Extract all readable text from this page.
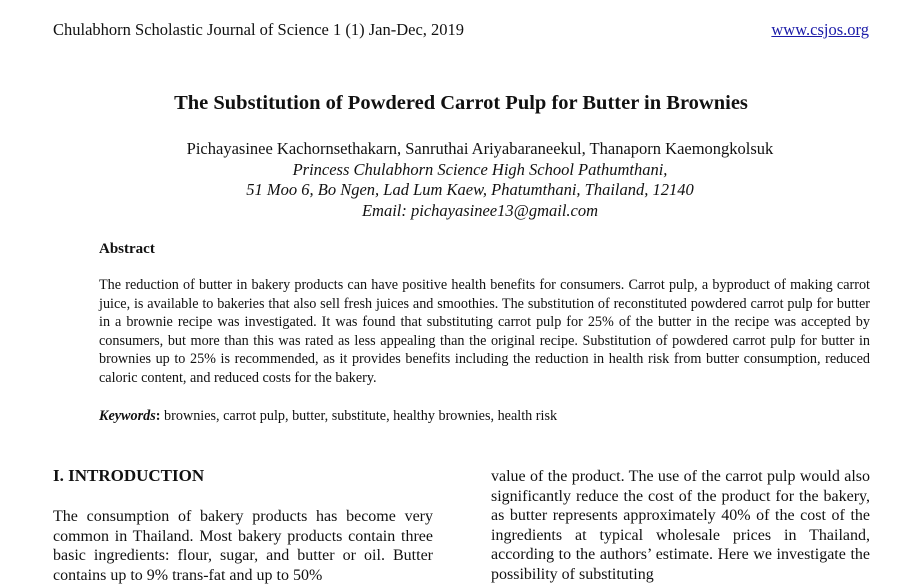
Chulabhorn Scholastic Journal of Science 1 (1) Jan-Dec, 2019	www.csjos.org
The Substitution of Powdered Carrot Pulp for Butter in Brownies
Pichayasinee Kachornsethakarn, Sanruthai Ariyabaraneekul, Thanaporn Kaemongkolsuk
Princess Chulabhorn Science High School Pathumthani,
51 Moo 6, Bo Ngen, Lad Lum Kaew, Phatumthani, Thailand, 12140
Email: pichayasinee13@gmail.com
Abstract
The reduction of butter in bakery products can have positive health benefits for consumers. Carrot pulp, a byproduct of making carrot juice, is available to bakeries that also sell fresh juices and smoothies. The substitution of reconstituted powdered carrot pulp for butter in a brownie recipe was investigated. It was found that substituting carrot pulp for 25% of the butter in the recipe was accepted by consumers, but more than this was rated as less appealing than the original recipe. Substitution of powdered carrot pulp for butter in brownies up to 25% is recommended, as it provides benefits including the reduction in health risk from butter consumption, reduced caloric content, and reduced costs for the bakery.
Keywords: brownies, carrot pulp, butter, substitute, healthy brownies, health risk
I. INTRODUCTION
The consumption of bakery products has become very common in Thailand. Most bakery products contain three basic ingredients: flour, sugar, and butter or oil. Butter contains up to 9% trans-fat and up to 50%
value of the product. The use of the carrot pulp would also significantly reduce the cost of the product for the bakery, as butter represents approximately 40% of the cost of the ingredients at typical wholesale prices in Thailand, according to the authors’ estimate. Here we investigate the possibility of substituting
